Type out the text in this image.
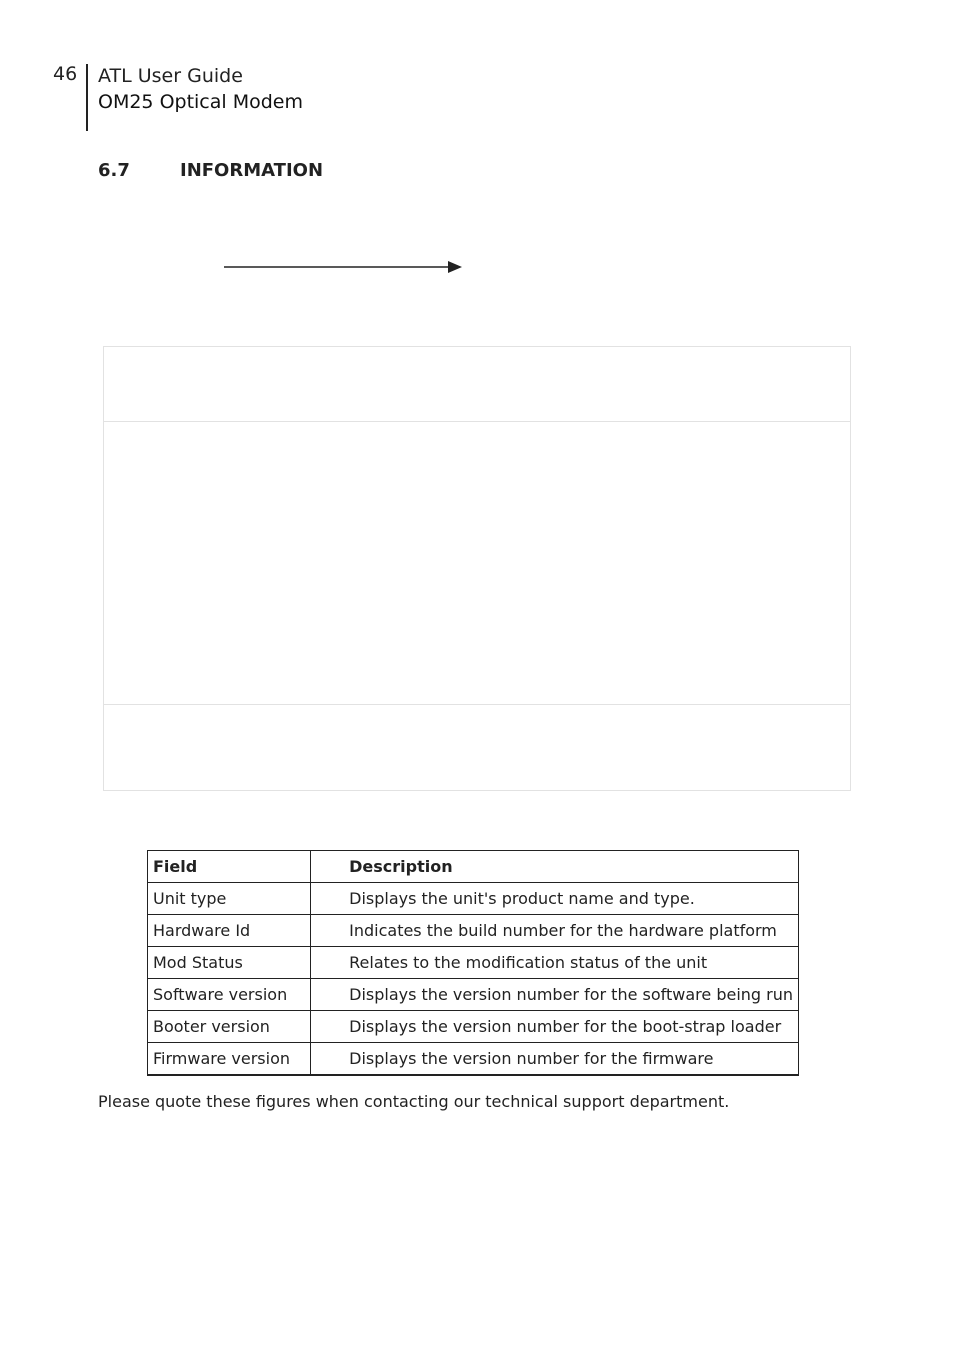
46 ATL User Guide
OM25 Optical Modem
6.7	INFORMATION
Field	Description
Unit type	Displays the unit's product name and type.
Hardware Id	Indicates the build number for the hardware platform
Mod Status	Relates to the modification status of the unit
Software version	Displays the version number for the software being run
Booter version	Displays the version number for the boot-strap loader
Firmware version	Displays the version number for the firmware
Please quote these figures when contacting our technical support department.
